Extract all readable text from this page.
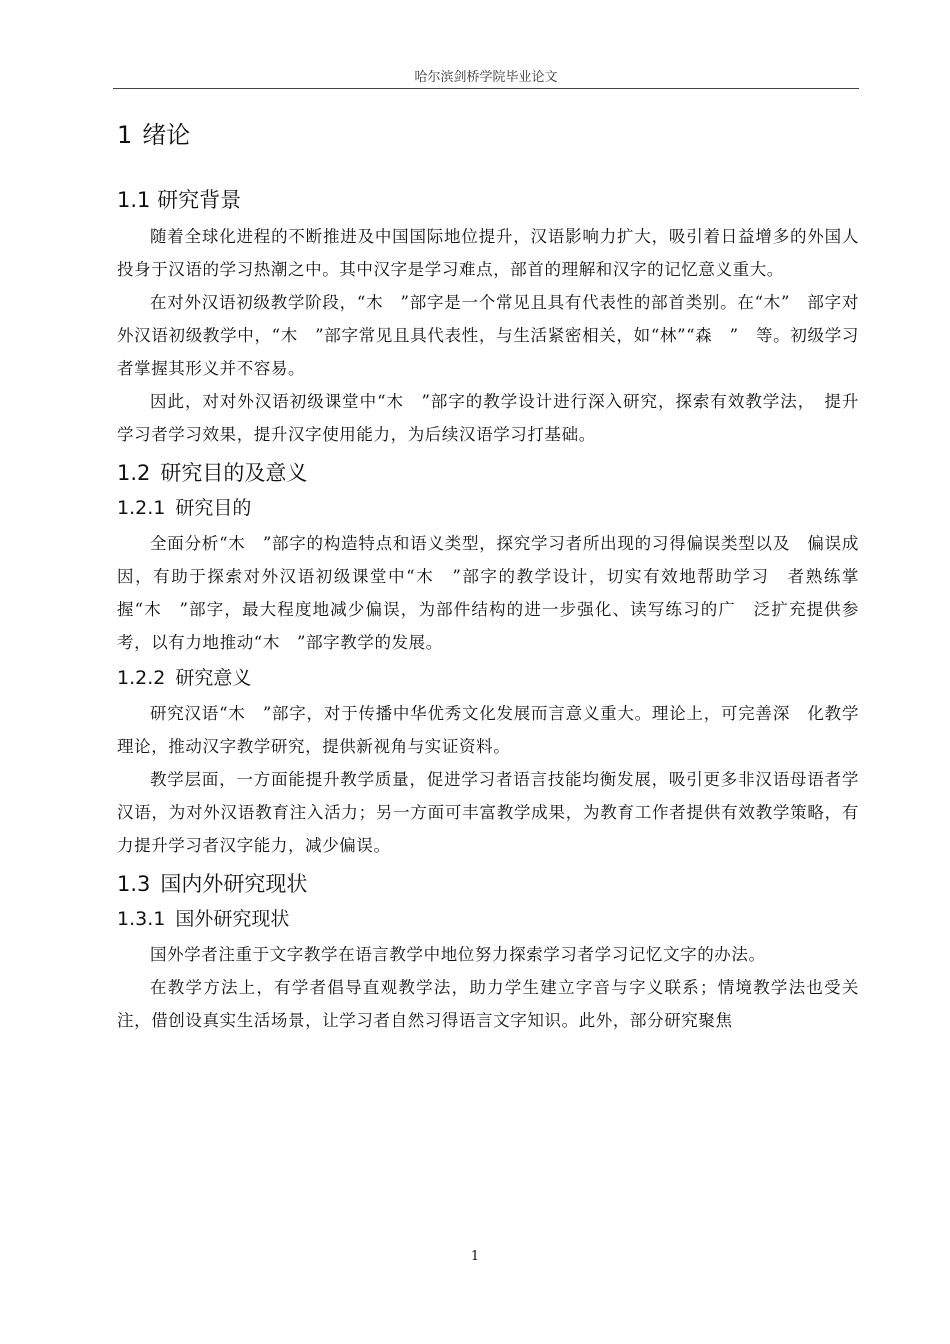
哈尔滨剑桥学院毕业论文
1 绪论
1.1 研究背景

随着全球化进程的不断推进及中国国际地位提升，汉语影响力扩大，吸引着日益增多的外国人投身于汉语的学习热潮之中。其中汉字是学习难点，部首的理解和汉字的记忆意义重大。

在对外汉语初级教学阶段，“木　”部字是一个常见且具有代表性的部首类别。在“木”　部字对外汉语初级教学中，“木　”部字常见且具代表性，与生活紧密相关，如“林”“森　”　等。初级学习者掌握其形义并不容易。

因此，对对外汉语初级课堂中“木　”部字的教学设计进行深入研究，探索有效教学法，　提升学习者学习效果，提升汉字使用能力，为后续汉语学习打基础。

1.2 研究目的及意义
1.2.1 研究目的

全面分析“木　”部字的构造特点和语义类型，探究学习者所出现的习得偏误类型以及　偏误成因，有助于探索对外汉语初级课堂中“木　”部字的教学设计，切实有效地帮助学习　者熟练掌握“木　”部字，最大程度地减少偏误，为部件结构的进一步强化、读写练习的广　泛扩充提供参考，以有力地推动“木　”部字教学的发展。

1.2.2 研究意义

研究汉语“木　”部字，对于传播中华优秀文化发展而言意义重大。理论上，可完善深　化教学理论，推动汉字教学研究，提供新视角与实证资料。

教学层面，一方面能提升教学质量，促进学习者语言技能均衡发展，吸引更多非汉语母语者学汉语，为对外汉语教育注入活力；另一方面可丰富教学成果，为教育工作者提供有效教学策略，有力提升学习者汉字能力，减少偏误。

1.3 国内外研究现状
1.3.1 国外研究现状

国外学者注重于文字教学在语言教学中地位努力探索学习者学习记忆文字的办法。

在教学方法上，有学者倡导直观教学法，助力学生建立字音与字义联系；情境教学法也受关注，借创设真实生活场景，让学习者自然习得语言文字知识。此外，部分研究聚焦

1
